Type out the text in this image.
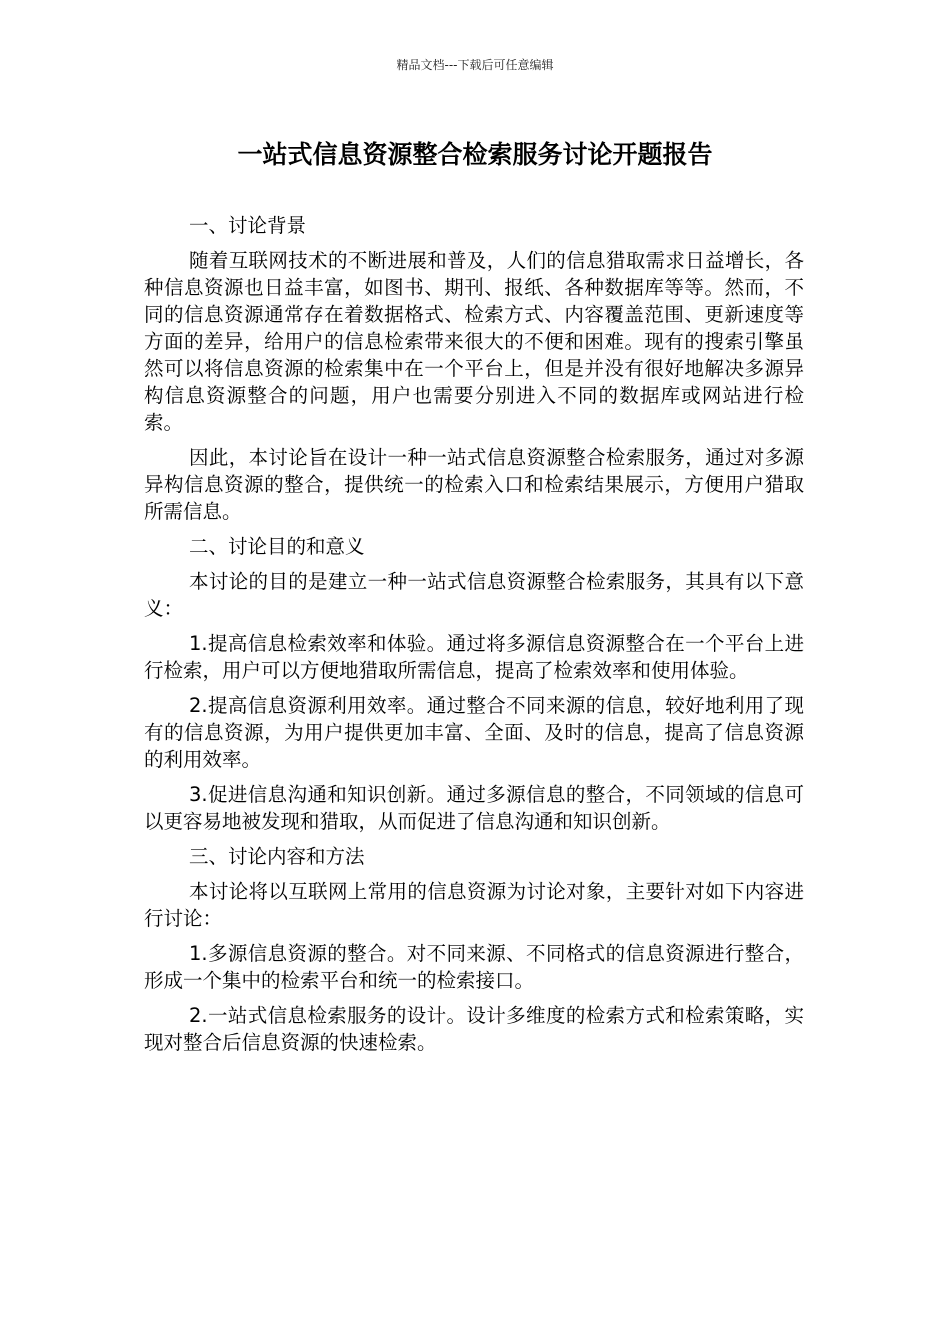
精品文档---下载后可任意编辑
一站式信息资源整合检索服务讨论开题报告

一、讨论背景

随着互联网技术的不断进展和普及，人们的信息猎取需求日益增长，各种信息资源也日益丰富，如图书、期刊、报纸、各种数据库等等。然而，不同的信息资源通常存在着数据格式、检索方式、内容覆盖范围、更新速度等方面的差异，给用户的信息检索带来很大的不便和困难。现有的搜索引擎虽然可以将信息资源的检索集中在一个平台上，但是并没有很好地解决多源异构信息资源整合的问题，用户也需要分别进入不同的数据库或网站进行检索。

因此，本讨论旨在设计一种一站式信息资源整合检索服务，通过对多源异构信息资源的整合，提供统一的检索入口和检索结果展示，方便用户猎取所需信息。

二、讨论目的和意义

本讨论的目的是建立一种一站式信息资源整合检索服务，其具有以下意义：

1.提高信息检索效率和体验。通过将多源信息资源整合在一个平台上进行检索，用户可以方便地猎取所需信息，提高了检索效率和使用体验。

2.提高信息资源利用效率。通过整合不同来源的信息，较好地利用了现有的信息资源，为用户提供更加丰富、全面、及时的信息，提高了信息资源的利用效率。

3.促进信息沟通和知识创新。通过多源信息的整合，不同领域的信息可以更容易地被发现和猎取，从而促进了信息沟通和知识创新。

三、讨论内容和方法

本讨论将以互联网上常用的信息资源为讨论对象，主要针对如下内容进行讨论：

1.多源信息资源的整合。对不同来源、不同格式的信息资源进行整合，形成一个集中的检索平台和统一的检索接口。

2.一站式信息检索服务的设计。设计多维度的检索方式和检索策略，实现对整合后信息资源的快速检索。
